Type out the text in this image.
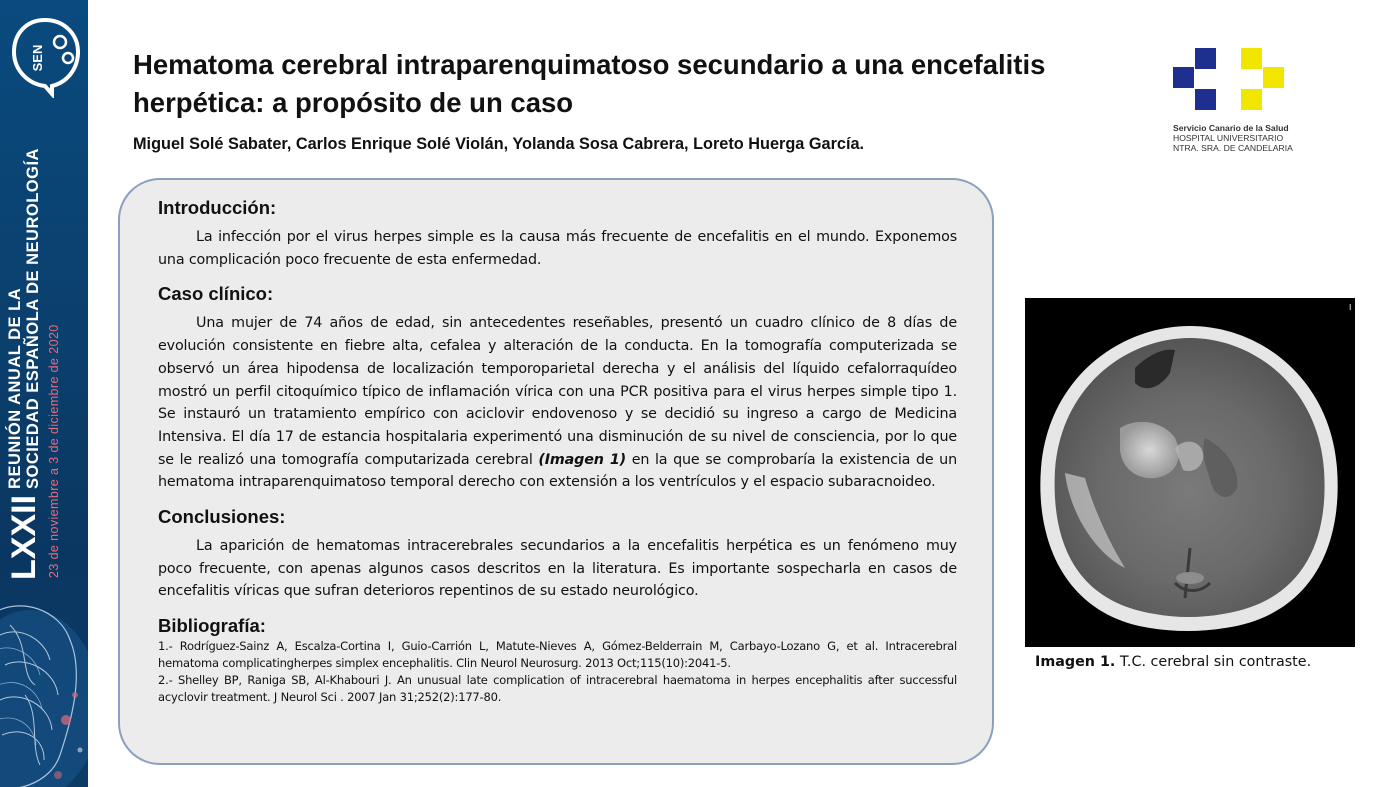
SEN
LXXII
REUNIÓN ANUAL DE LA SOCIEDAD ESPAÑOLA DE NEUROLOGÍA 23 de noviembre a 3 de diciembre de 2020
Hematoma cerebral intraparenquimatoso secundario a una encefalitis herpética: a propósito de un caso
Miguel Solé Sabater, Carlos Enrique Solé Violán, Yolanda Sosa Cabrera, Loreto Huerga García.
Servicio Canario de la Salud
HOSPITAL UNIVERSITARIO
NTRA. SRA. DE CANDELARIA
Introducción:

La infección por el virus herpes simple es la causa más frecuente de encefalitis en el mundo. Exponemos una complicación poco frecuente de esta enfermedad.

Caso clínico:

Una mujer de 74 años de edad, sin antecedentes reseñables, presentó un cuadro clínico de 8 días de evolución consistente en fiebre alta, cefalea y alteración de la conducta. En la tomografía computerizada se observó un área hipodensa de localización temporoparietal derecha y el análisis del líquido cefalorraquídeo mostró un perfil citoquímico típico de inflamación vírica con una PCR positiva para el virus herpes simple tipo 1. Se instauró un tratamiento empírico con aciclovir endovenoso y se decidió su ingreso a cargo de Medicina Intensiva. El día 17 de estancia hospitalaria experimentó una disminución de su nivel de consciencia, por lo que se le realizó una tomografía computarizada cerebral (Imagen 1) en la que se comprobaría la existencia de un hematoma intraparenquimatoso temporal derecho con extensión a los ventrículos y el espacio subaracnoideo.

Conclusiones:

La aparición de hematomas intracerebrales secundarios a la encefalitis herpética es un fenómeno muy poco frecuente, con apenas algunos casos descritos en la literatura. Es importante sospecharla en casos de encefalitis víricas que sufran deterioros repentinos de su estado neurológico.

Bibliografía:

1.- Rodríguez-Sainz A, Escalza-Cortina I, Guio-Carrión L, Matute-Nieves A, Gómez-Belderrain M, Carbayo-Lozano G, et al. Intracerebral hematoma complicatingherpes simplex encephalitis. Clin Neurol Neurosurg. 2013 Oct;115(10):2041-5.

2.- Shelley BP, Raniga SB, Al-Khabouri J. An unusual late complication of intracerebral haematoma in herpes encephalitis after successful acyclovir treatment. J Neurol Sci . 2007 Jan 31;252(2):177-80.

I
Imagen 1. T.C. cerebral sin contraste.
